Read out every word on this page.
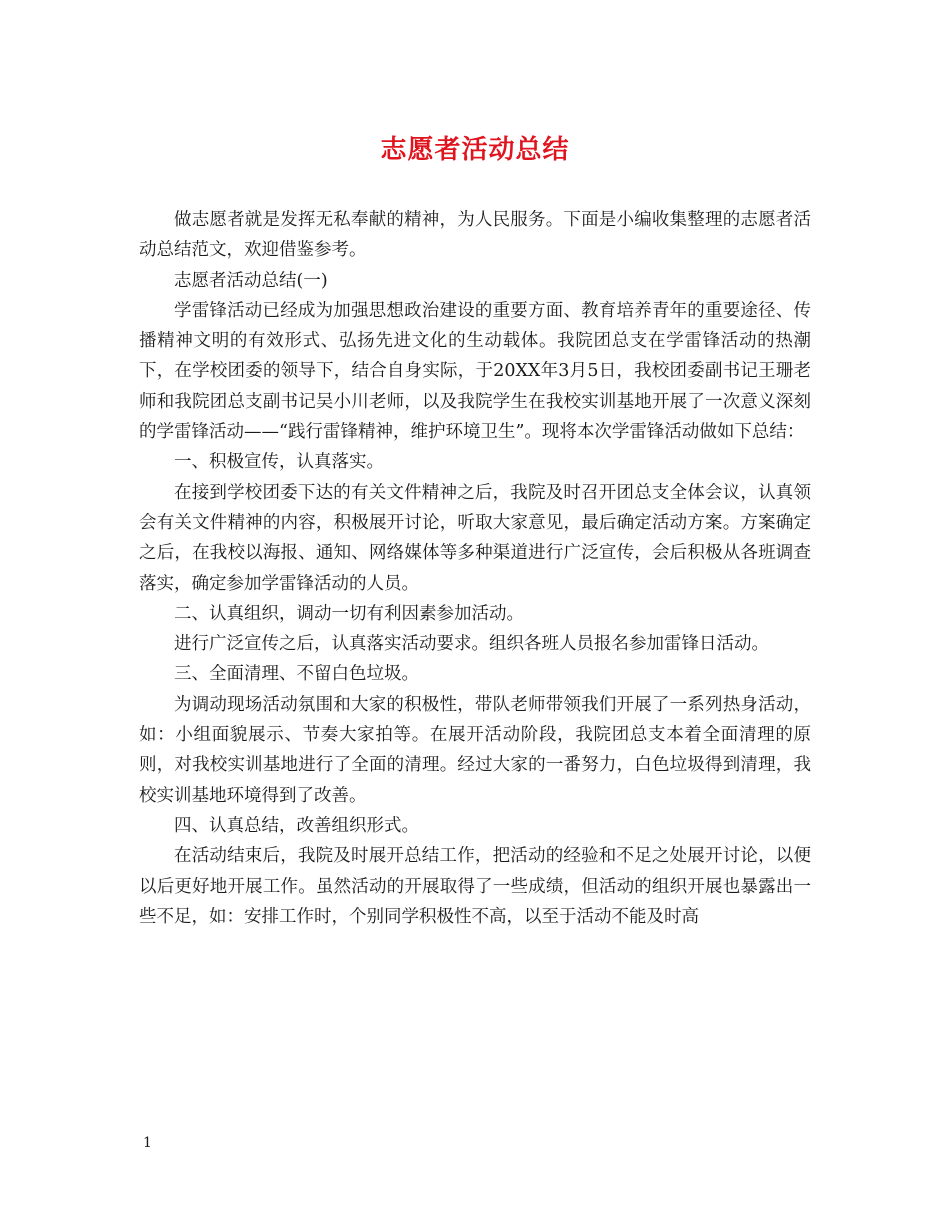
志愿者活动总结

做志愿者就是发挥无私奉献的精神，为人民服务。下面是小编收集整理的志愿者活动总结范文，欢迎借鉴参考。

志愿者活动总结(一)

学雷锋活动已经成为加强思想政治建设的重要方面、教育培养青年的重要途径、传播精神文明的有效形式、弘扬先进文化的生动载体。我院团总支在学雷锋活动的热潮下，在学校团委的领导下，结合自身实际，于20XX年3月5日，我校团委副书记王珊老师和我院团总支副书记吴小川老师，以及我院学生在我校实训基地开展了一次意义深刻的学雷锋活动——“践行雷锋精神，维护环境卫生”。现将本次学雷锋活动做如下总结：

一、积极宣传，认真落实。

在接到学校团委下达的有关文件精神之后，我院及时召开团总支全体会议，认真领会有关文件精神的内容，积极展开讨论，听取大家意见，最后确定活动方案。方案确定之后，在我校以海报、通知、网络媒体等多种渠道进行广泛宣传，会后积极从各班调查落实，确定参加学雷锋活动的人员。

二、认真组织，调动一切有利因素参加活动。

进行广泛宣传之后，认真落实活动要求。组织各班人员报名参加雷锋日活动。

三、全面清理、不留白色垃圾。

为调动现场活动氛围和大家的积极性，带队老师带领我们开展了一系列热身活动，如：小组面貌展示、节奏大家拍等。在展开活动阶段，我院团总支本着全面清理的原则，对我校实训基地进行了全面的清理。经过大家的一番努力，白色垃圾得到清理，我校实训基地环境得到了改善。

四、认真总结，改善组织形式。

在活动结束后，我院及时展开总结工作，把活动的经验和不足之处展开讨论，以便以后更好地开展工作。虽然活动的开展取得了一些成绩，但活动的组织开展也暴露出一些不足，如：安排工作时，个别同学积极性不高，以至于活动不能及时高

1
